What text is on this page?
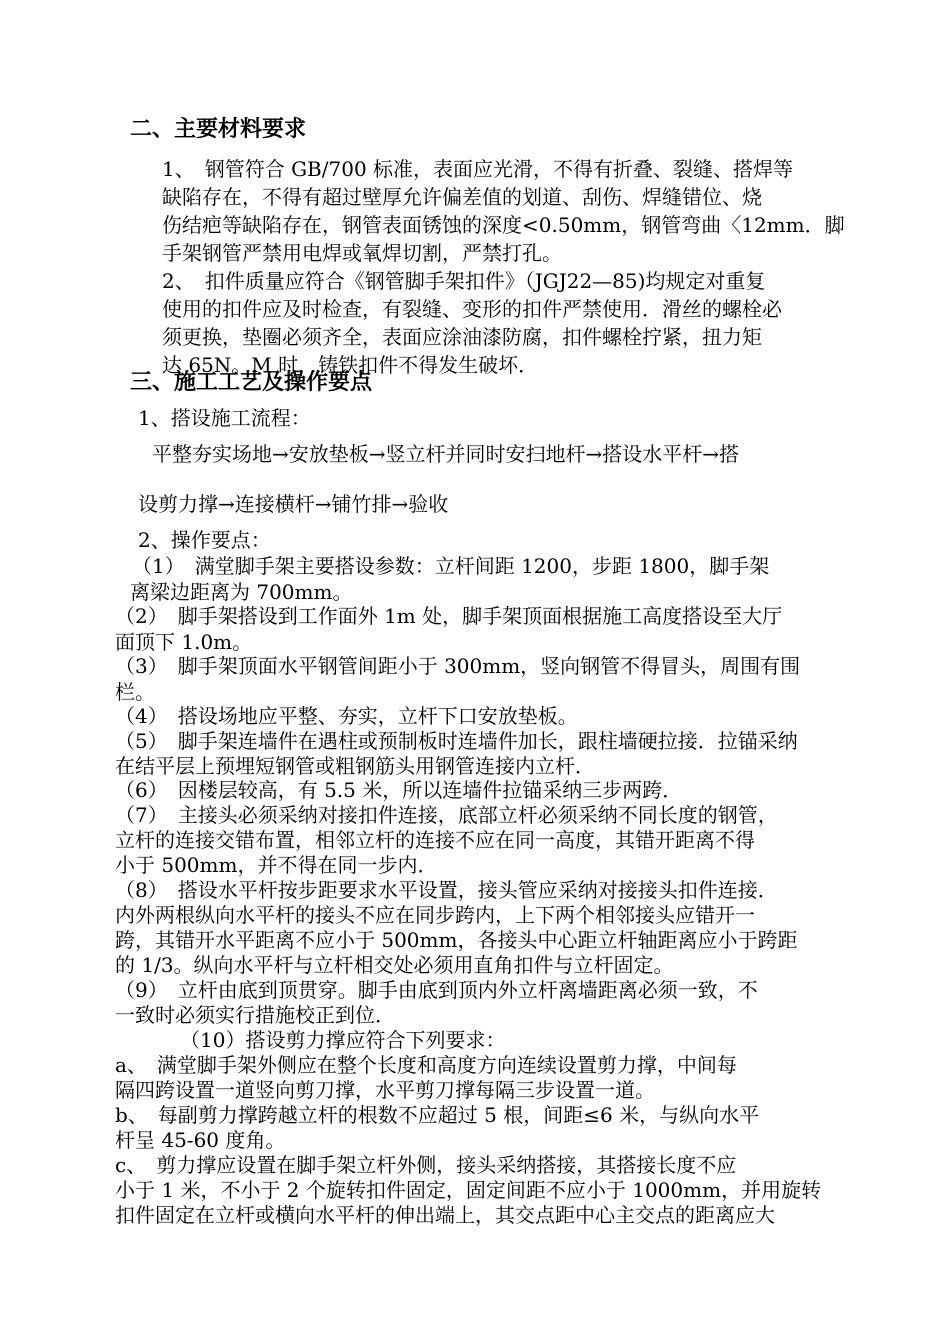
二、主要材料要求
1、　钢管符合 GB/700 标准，表面应光滑，不得有折叠、裂缝、搭焊等
缺陷存在，不得有超过壁厚允许偏差值的划道、刮伤、焊缝错位、烧
伤结疤等缺陷存在，钢管表面锈蚀的深度<0.50mm，钢管弯曲〈12mm．脚
手架钢管严禁用电焊或氧焊切割，严禁打孔。
2、　扣件质量应符合《钢管脚手架扣件》（JGJ22—85)均规定对重复
使用的扣件应及时检查，有裂缝、变形的扣件严禁使用．滑丝的螺栓必
须更换，垫圈必须齐全，表面应涂油漆防腐，扣件螺栓拧紧，扭力矩
达 65N。M 时，铸铁扣件不得发生破坏．
三、施工工艺及操作要点
1、搭设施工流程：
平整夯实场地→安放垫板→竖立杆并同时安扫地杆→搭设水平杆→搭
设剪力撑→连接横杆→铺竹排→验收
2、操作要点：
（1）　满堂脚手架主要搭设参数：立杆间距 1200，步距 1800，脚手架
离梁边距离为 700mm。
（2）　脚手架搭设到工作面外 1m 处，脚手架顶面根据施工高度搭设至大厅
面顶下 1.0m。
（3）　脚手架顶面水平钢管间距小于 300mm，竖向钢管不得冒头，周围有围
栏。
（4）　搭设场地应平整、夯实，立杆下口安放垫板。
（5）　脚手架连墙件在遇柱或预制板时连墙件加长，跟柱墙硬拉接．拉锚采纳
在结平层上预埋短钢管或粗钢筋头用钢管连接内立杆．
（6）　因楼层较高，有 5.5 米，所以连墙件拉锚采纳三步两跨．
（7）　主接头必须采纳对接扣件连接，底部立杆必须采纳不同长度的钢管，
立杆的连接交错布置，相邻立杆的连接不应在同一高度，其错开距离不得
小于 500mm，并不得在同一步内．
（8）　搭设水平杆按步距要求水平设置，接头管应采纳对接接头扣件连接．
内外两根纵向水平杆的接头不应在同步跨内，上下两个相邻接头应错开一
跨，其错开水平距离不应小于 500mm，各接头中心距立杆轴距离应小于跨距
的 1/3。纵向水平杆与立杆相交处必须用直角扣件与立杆固定。
（9）　立杆由底到顶贯穿。脚手由底到顶内外立杆离墙距离必须一致，不
一致时必须实行措施校正到位．
（10）搭设剪力撑应符合下列要求：
a、　满堂脚手架外侧应在整个长度和高度方向连续设置剪力撑，中间每
隔四跨设置一道竖向剪刀撑，水平剪刀撑每隔三步设置一道。
b、　每副剪力撑跨越立杆的根数不应超过 5 根，间距≤6 米，与纵向水平
杆呈 45-60 度角。
c、　剪力撑应设置在脚手架立杆外侧，接头采纳搭接，其搭接长度不应
小于 1 米，不小于 2 个旋转扣件固定，固定间距不应小于 1000mm，并用旋转
扣件固定在立杆或横向水平杆的伸出端上，其交点距中心主交点的距离应大
